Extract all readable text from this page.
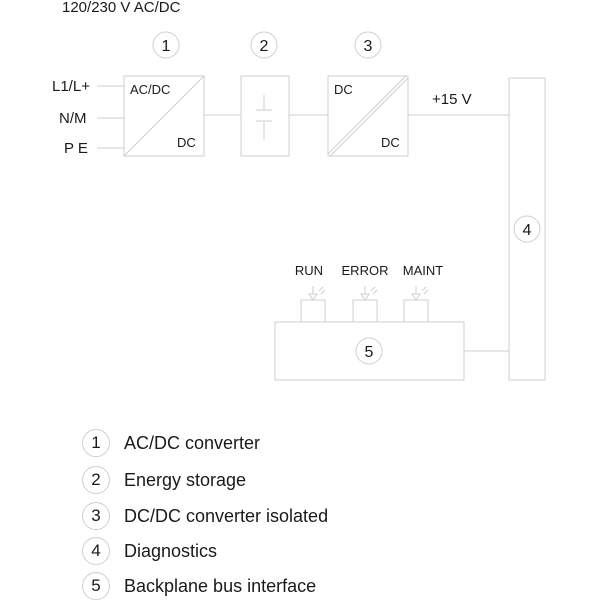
120/230 V AC/DC
L1/L+
N/M
P E
1
AC/DC
DC
2	3
DC
DC
+15 V
4
5
RUN ERROR MAINT
1	AC/DC converter
2	Energy storage
3	DC/DC converter isolated
4	Diagnostics
5	Backplane bus interface
